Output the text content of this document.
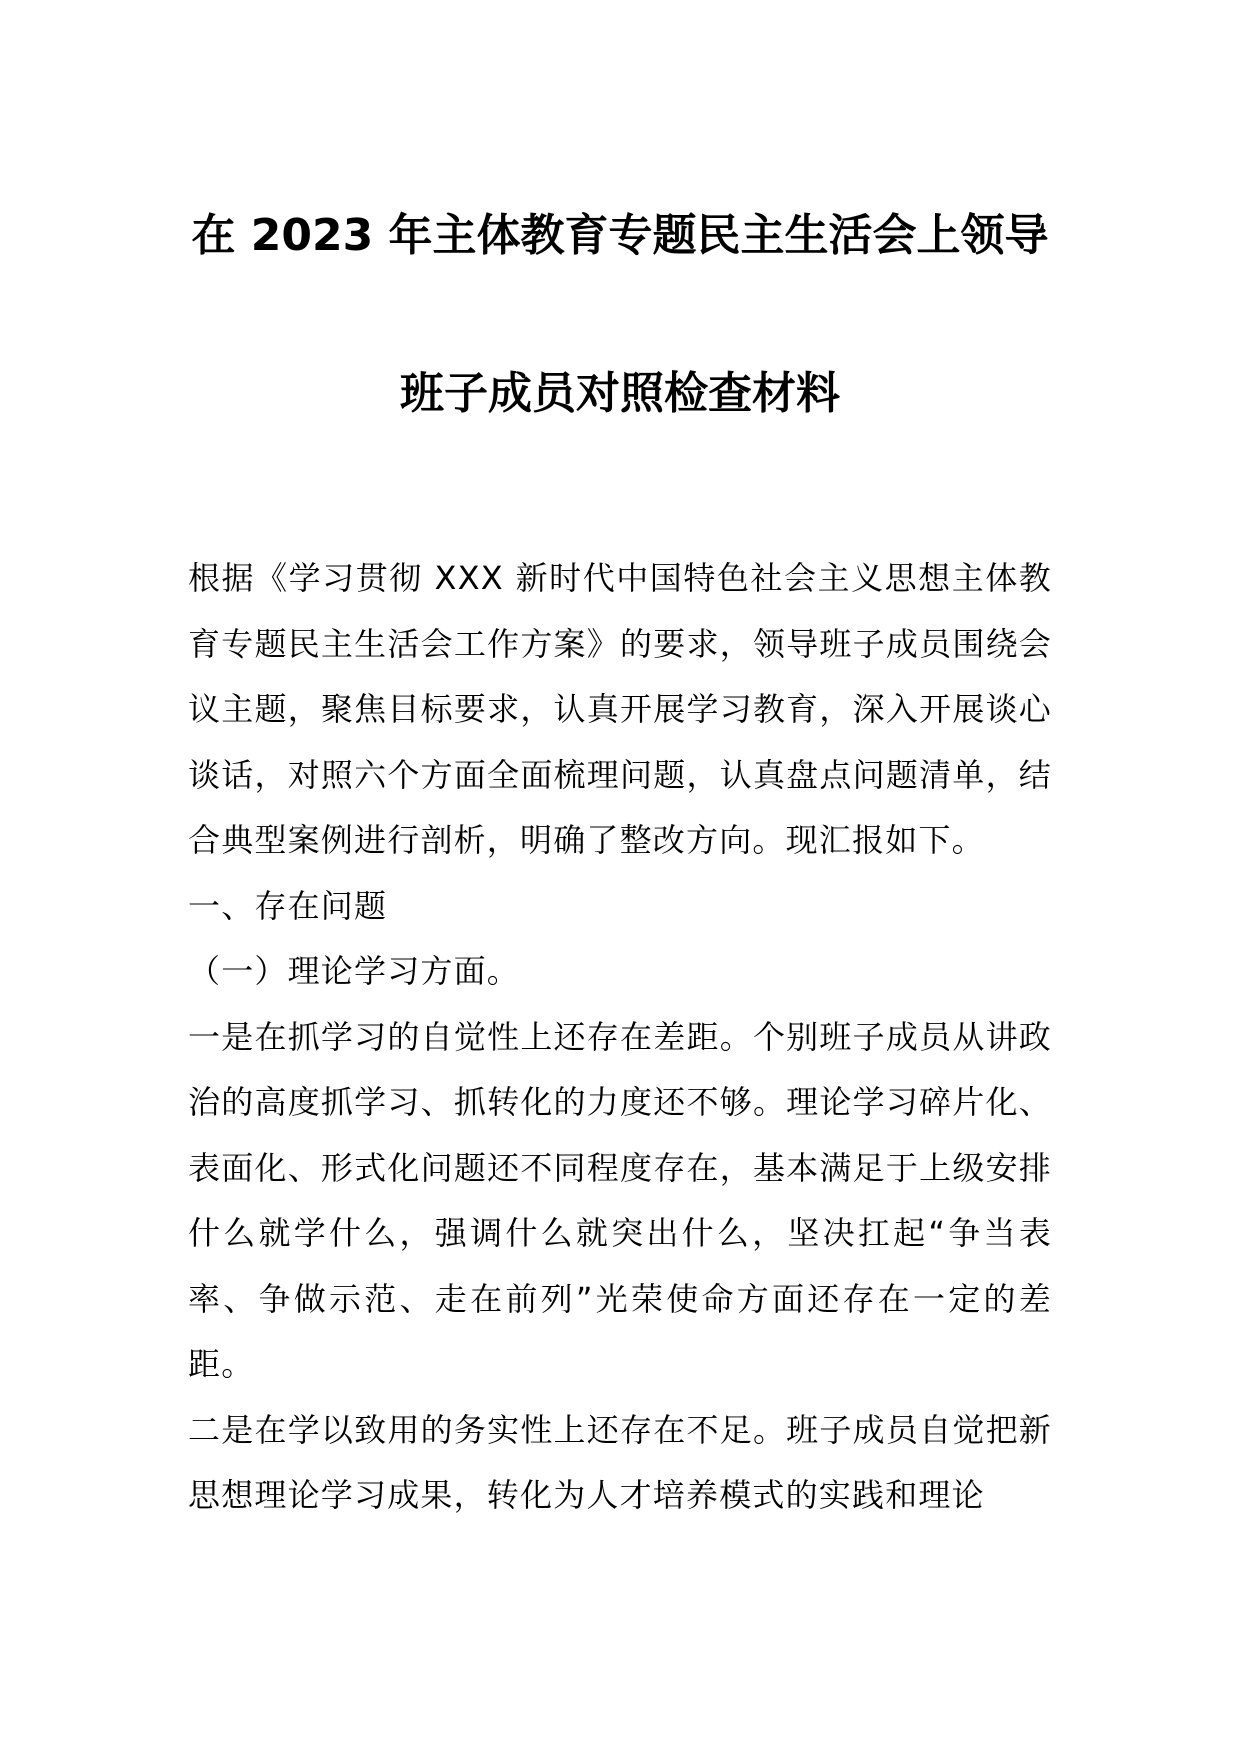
在 2023 年主体教育专题民主生活会上领导
班子成员对照检查材料

根据《学习贯彻 XXX 新时代中国特色社会主义思想主体教育专题民主生活会工作方案》的要求，领导班子成员围绕会议主题，聚焦目标要求，认真开展学习教育，深入开展谈心谈话，对照六个方面全面梳理问题，认真盘点问题清单，结合典型案例进行剖析，明确了整改方向。现汇报如下。

一、存在问题

（一）理论学习方面。

一是在抓学习的自觉性上还存在差距。个别班子成员从讲政治的高度抓学习、抓转化的力度还不够。理论学习碎片化、表面化、形式化问题还不同程度存在，基本满足于上级安排什么就学什么，强调什么就突出什么，坚决扛起“争当表率、争做示范、走在前列”光荣使命方面还存在一定的差距。

二是在学以致用的务实性上还存在不足。班子成员自觉把新思想理论学习成果，转化为人才培养模式的实践和理论
